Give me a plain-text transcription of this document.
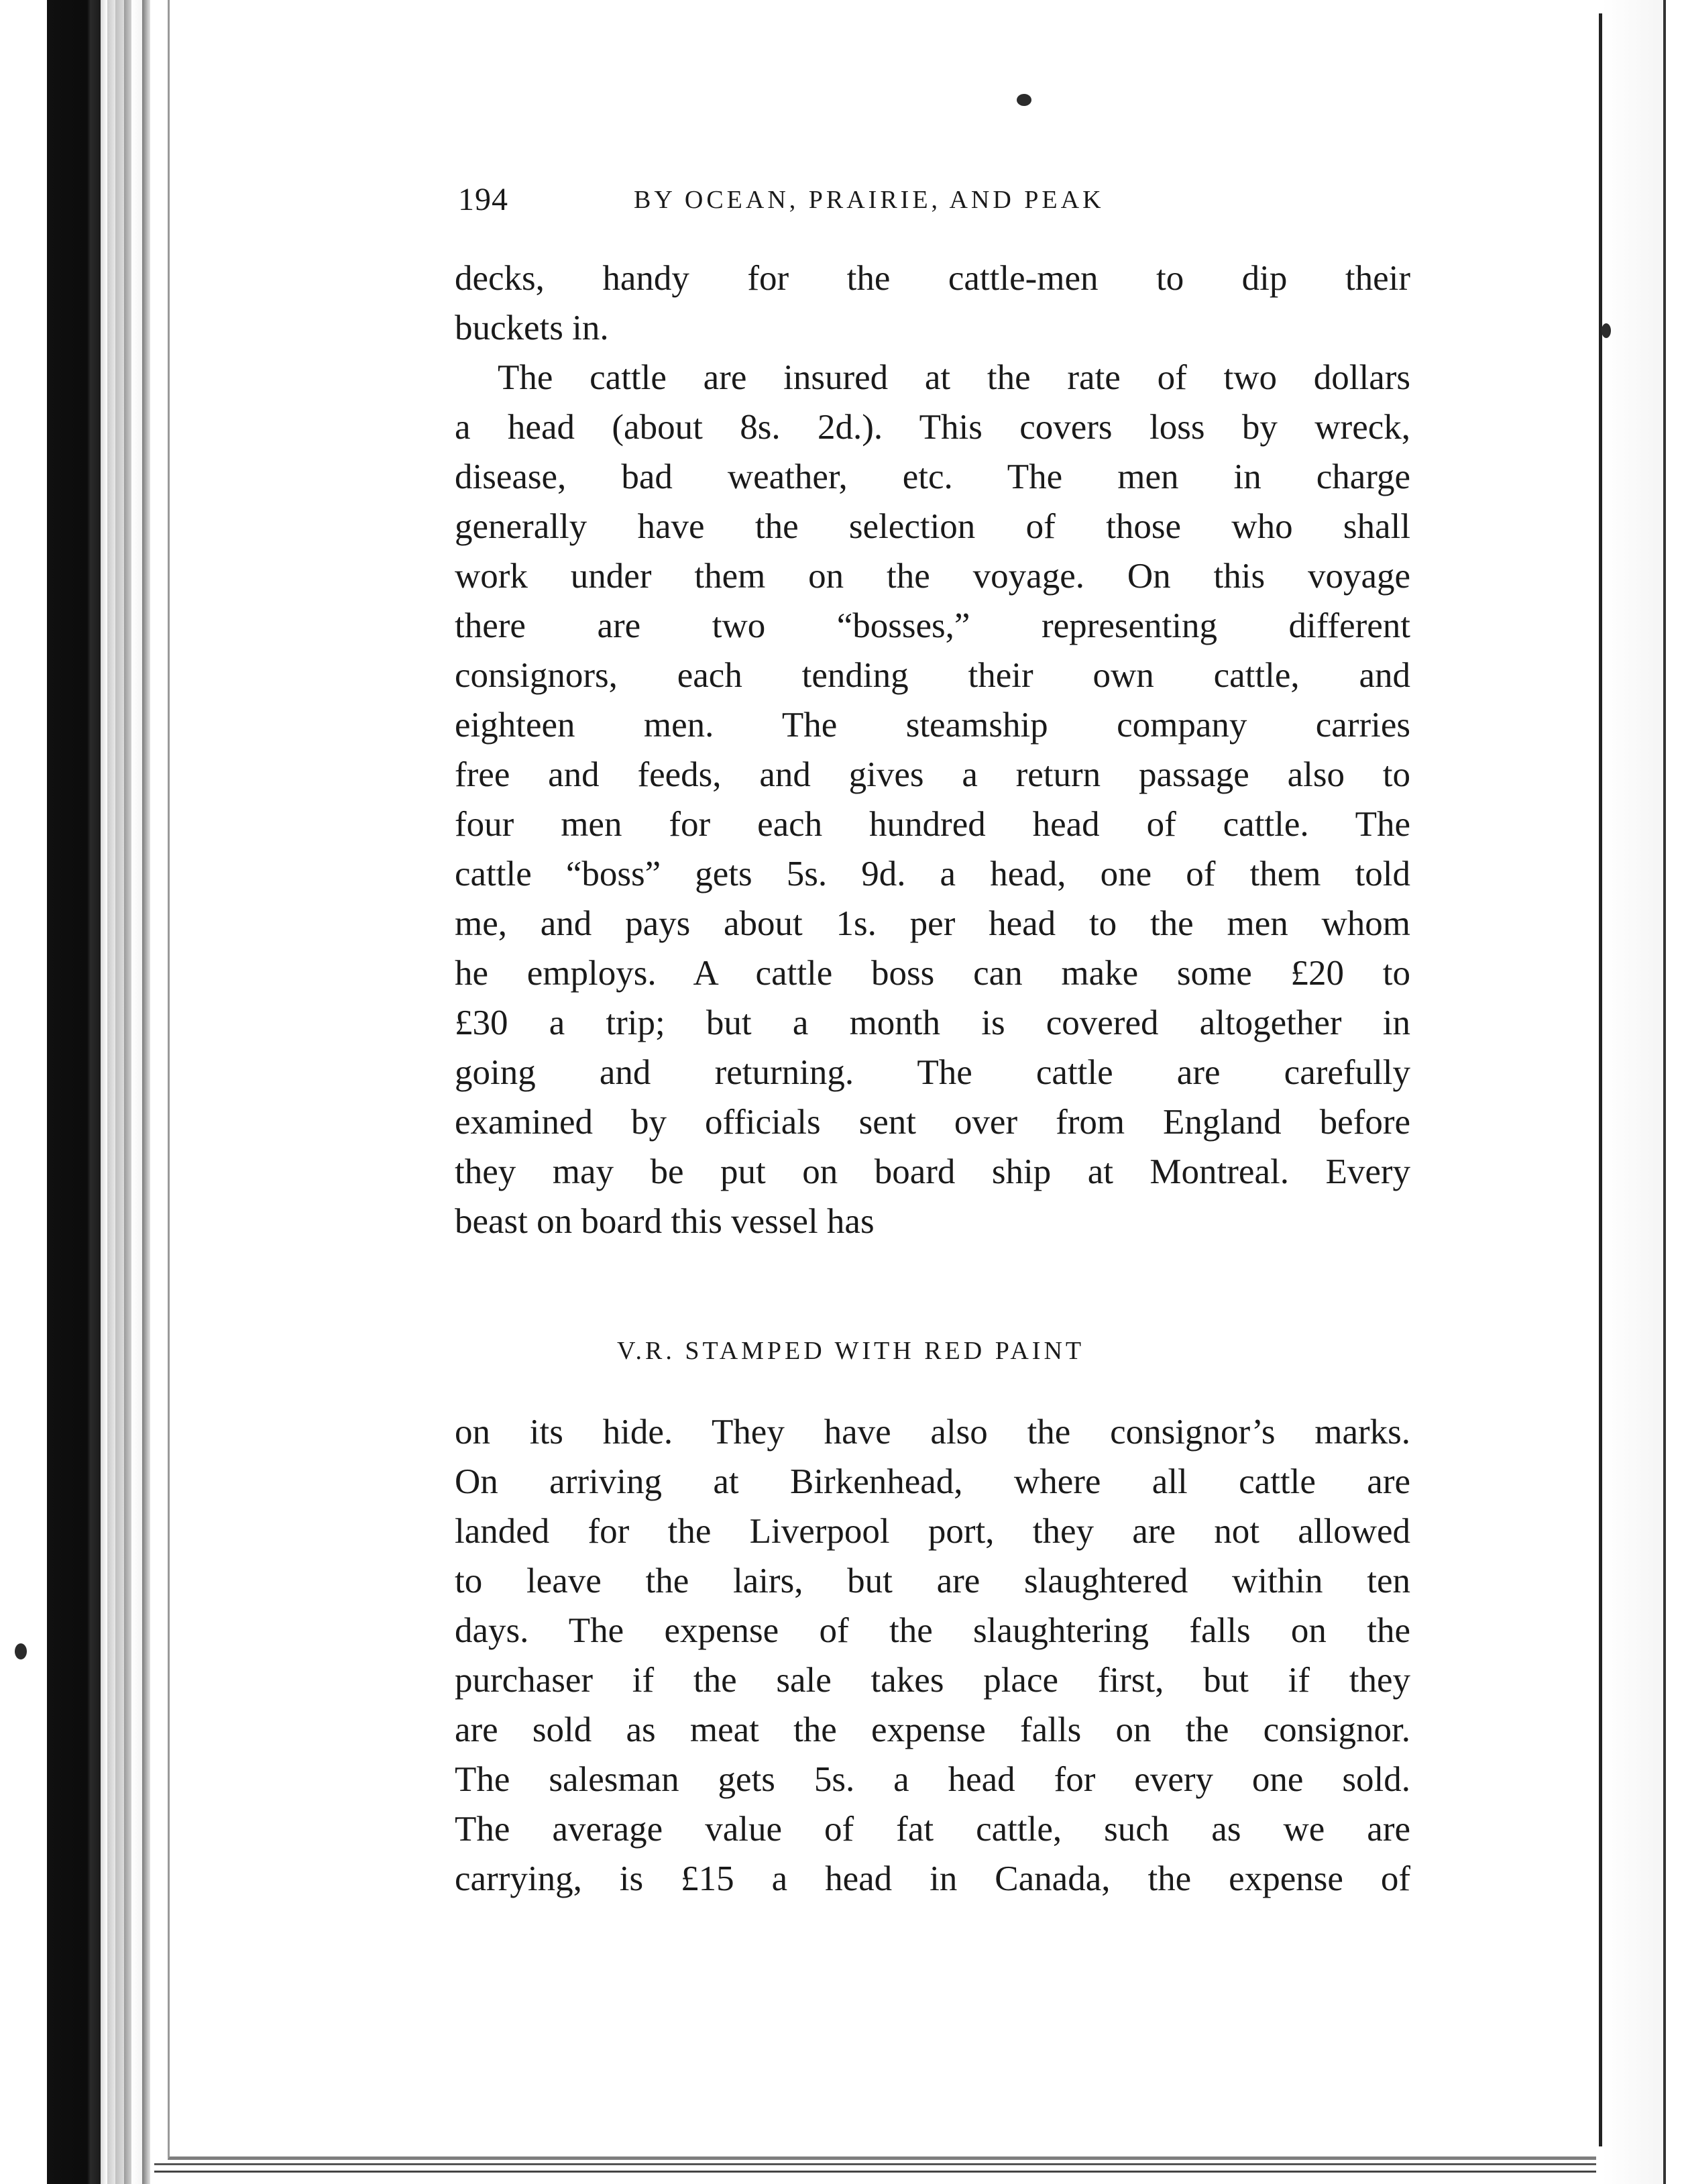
194	BY OCEAN, PRAIRIE, AND PEAK
decks, handy for the cattle-men to dip their
buckets in.
The cattle are insured at the rate of two dollars
a head (about 8s. 2d.). This covers loss by wreck,
disease, bad weather, etc. The men in charge
generally have the selection of those who shall
work under them on the voyage. On this voyage
there are two “bosses,” representing different
consignors, each tending their own cattle, and
eighteen men. The steamship company carries
free and feeds, and gives a return passage also to
four men for each hundred head of cattle. The
cattle “boss” gets 5s. 9d. a head, one of them told
me, and pays about 1s. per head to the men whom
he employs. A cattle boss can make some £20 to
£30 a trip; but a month is covered altogether in
going and returning. The cattle are carefully
examined by officials sent over from England before
they may be put on board ship at Montreal. Every
beast on board this vessel has
V.R. STAMPED WITH RED PAINT
on its hide. They have also the consignor’s marks.
On arriving at Birkenhead, where all cattle are
landed for the Liverpool port, they are not allowed
to leave the lairs, but are slaughtered within ten
days. The expense of the slaughtering falls on the
purchaser if the sale takes place first, but if they
are sold as meat the expense falls on the consignor.
The salesman gets 5s. a head for every one sold.
The average value of fat cattle, such as we are
carrying, is £15 a head in Canada, the expense of
